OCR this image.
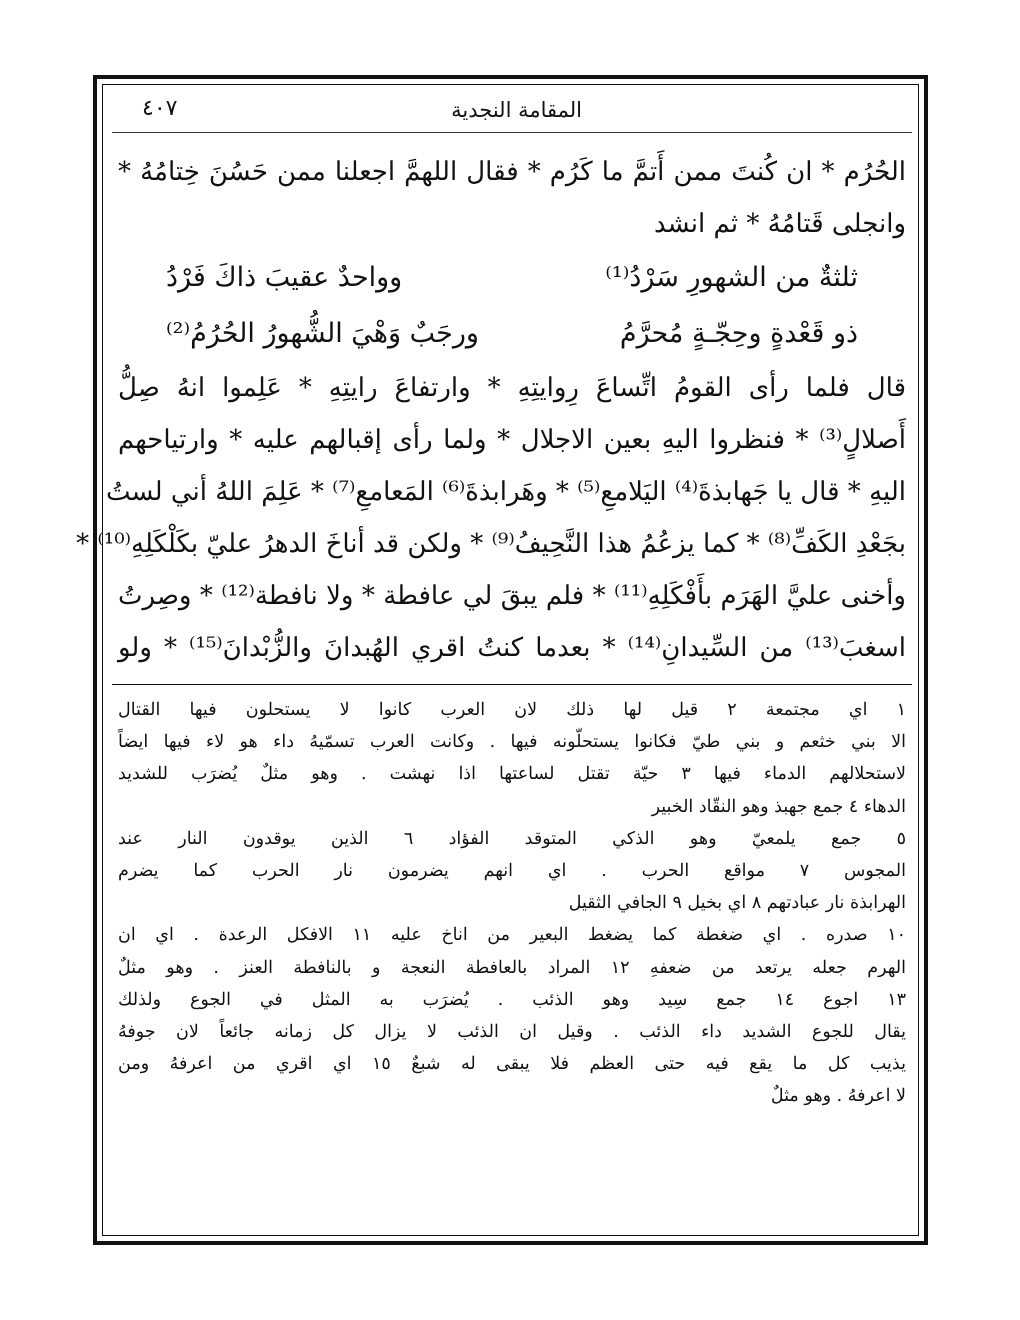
المقامة النجدية
٤٠٧
الحُرُم * ان كُنتَ ممن أَتمَّ ما كَرُم * فقال اللهمَّ اجعلنا ممن حَسُنَ خِتامُهُ *
وانجلى قَتامُهُ * ثم انشد
ثلثةٌ من الشهورِ سَرْدُ⁽¹⁾
وواحدٌ عقيبَ ذاكَ فَرْدُ
ذو قَعْدةٍ وحِجّـةٍ مُحرَّمُ
ورجَبٌ وَهْيَ الشُّهورُ الحُرُمُ⁽²⁾
قال فلما رأى القومُ اتِّساعَ رِوايتِهِ * وارتفاعَ رايتِهِ * عَلِموا انهُ صِلُّ
أَصلالٍ⁽³⁾ * فنظروا اليهِ بعين الاجلال * ولما رأى إقبالهم عليه * وارتياحهم
اليهِ * قال يا جَهابذةَ⁽⁴⁾ اليَلامعِ⁽⁵⁾ * وهَرابذةَ⁽⁶⁾ المَعامعِ⁽⁷⁾ * عَلِمَ اللهُ أني لستُ
بجَعْدِ الكَفِّ⁽⁸⁾ * كما يزعُمُ هذا النَّحِيفُ⁽⁹⁾ * ولكن قد أناخَ الدهرُ عليّ بكَلْكَلِهِ⁽¹⁰⁾ *
وأخنى عليَّ الهَرَم بأَفْكَلِهِ⁽¹¹⁾ * فلم يبقَ لي عافطة * ولا نافطة⁽¹²⁾ * وصِرتُ
اسغبَ⁽¹³⁾ من السِّيدانِ⁽¹⁴⁾ * بعدما كنتُ اقري الهُبدانَ والزُّبْدانَ⁽¹⁵⁾ * ولو
١ اي مجتمعة ٢ قيل لها ذلك لان العرب كانوا لا يستحلون فيها القتال
الا بني خثعم و بني طيّ فكانوا يستحلّونه فيها . وكانت العرب تسمّيهُ داء هو لاء فيها ايضاً
لاستحلالهم الدماء فيها ٣ حيّة تقتل لساعتها اذا نهشت . وهو مثلٌ يُضرَب للشديد
الدهاء ٤ جمع جهبذ وهو النقّاد الخبير
٥ جمع يلمعيّ وهو الذكي المتوقد الفؤاد ٦ الذين يوقدون النار عند
المجوس ٧ مواقع الحرب . اي انهم يضرمون نار الحرب كما يضرم
الهرابذة نار عبادتهم ٨ اي بخيل ٩ الجافي الثقيل
١٠ صدره . اي ضغطة كما يضغط البعير من اناخ عليه ١١ الافكل الرعدة . اي ان
الهرم جعله يرتعد من ضعفهِ ١٢ المراد بالعافطة النعجة و بالنافطة العنز . وهو مثلٌ
١٣ اجوع ١٤ جمع سِيد وهو الذئب . يُضرَب به المثل في الجوع ولذلك
يقال للجوع الشديد داء الذئب . وقيل ان الذئب لا يزال كل زمانه جائعاً لان جوفهُ
يذيب كل ما يقع فيه حتى العظم فلا يبقى له شبعٌ ١٥ اي اقري من اعرفهُ ومن
لا اعرفهُ . وهو مثلٌ
